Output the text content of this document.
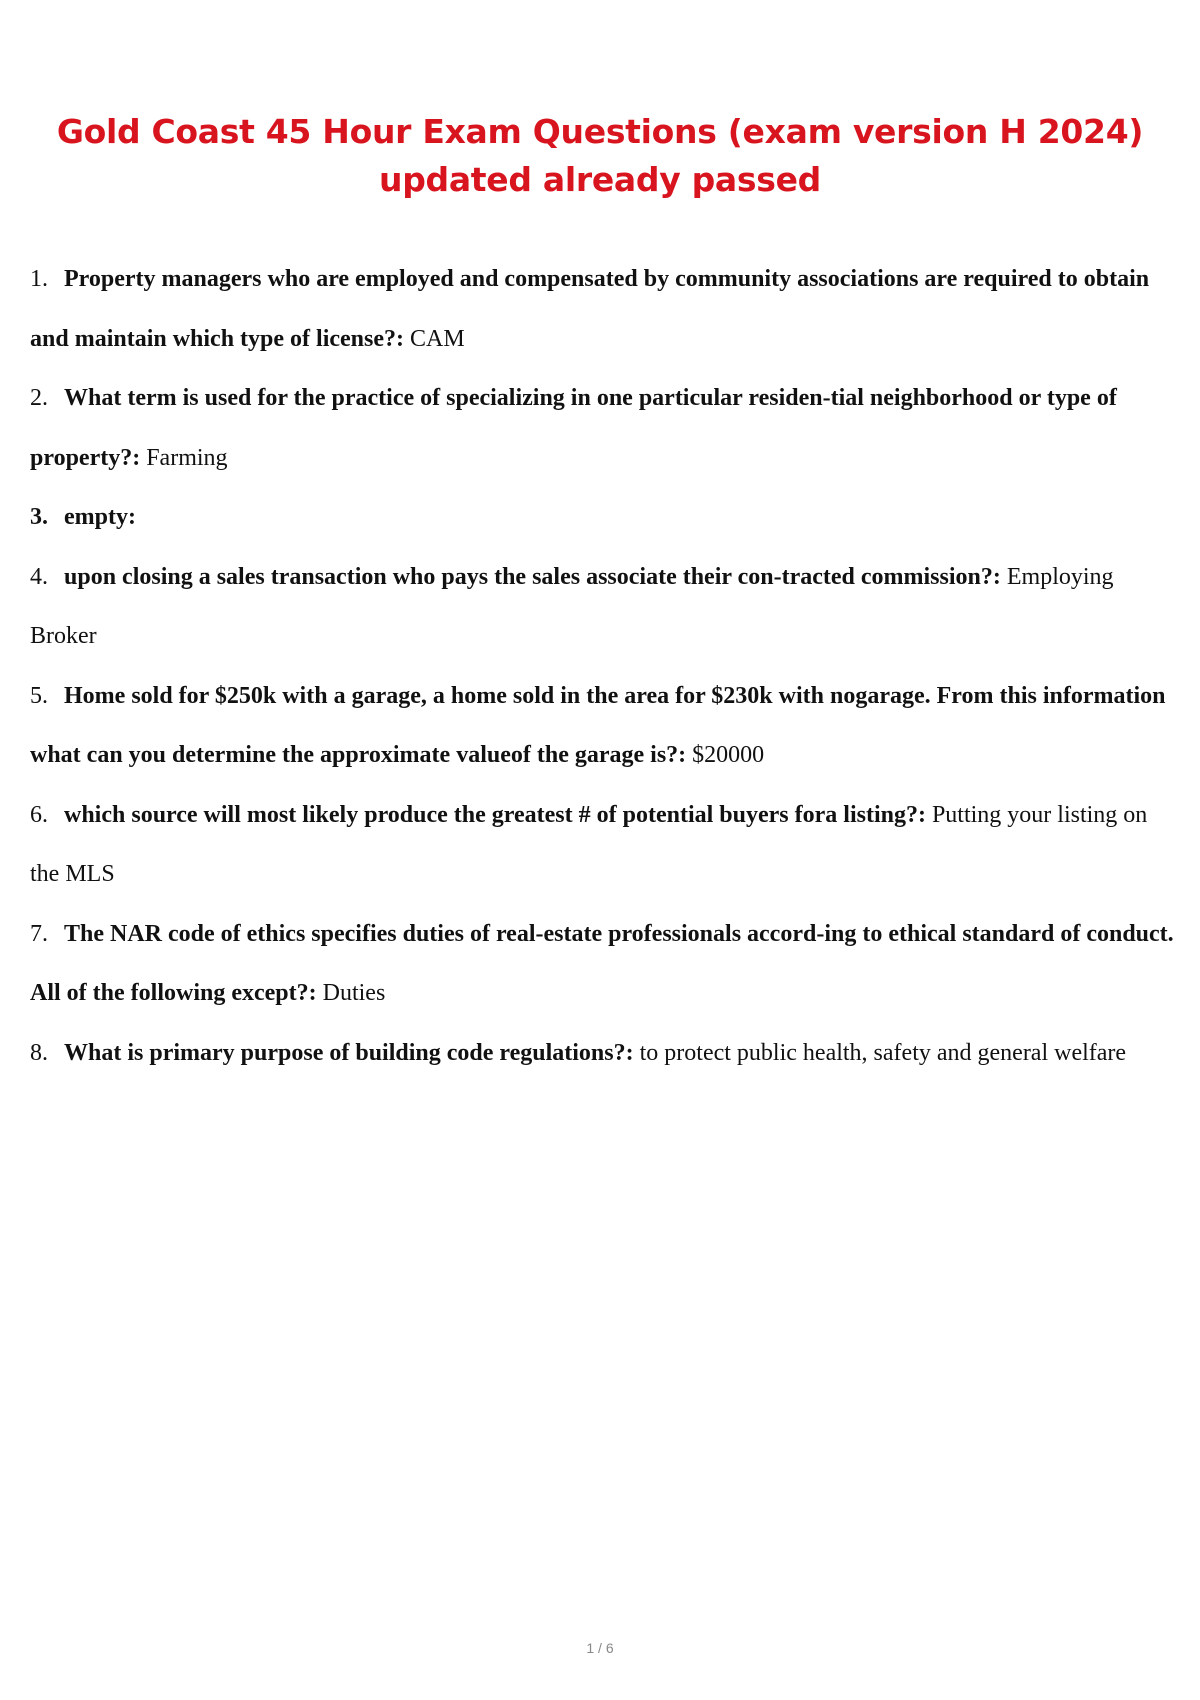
Gold Coast 45 Hour Exam Questions (exam version H 2024) updated already passed
1. Property managers who are employed and compensated by community associations are required to obtain and maintain which type of license?: CAM
2. What term is used for the practice of specializing in one particular residen-tial neighborhood or type of property?: Farming
3. empty:
4. upon closing a sales transaction who pays the sales associate their con-tracted commission?: Employing Broker
5. Home sold for $250k with a garage, a home sold in the area for $230k with nogarage. From this information what can you determine the approximate valueof the garage is?: $20000
6. which source will most likely produce the greatest # of potential buyers fora listing?: Putting your listing on the MLS
7. The NAR code of ethics specifies duties of real-estate professionals accord-ing to ethical standard of conduct. All of the following except?: Duties
8. What is primary purpose of building code regulations?: to protect public health, safety and general welfare
1 / 6
